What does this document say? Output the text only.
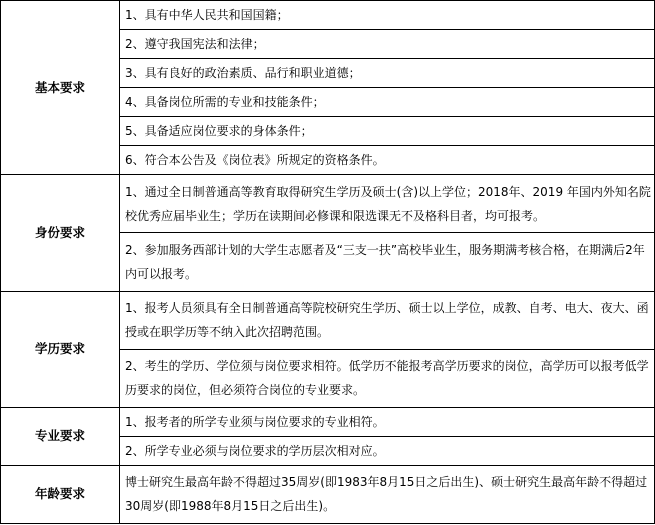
基本要求	1、具有中华人民共和国国籍；
	2、遵守我国宪法和法律；
	3、具有良好的政治素质、品行和职业道德；
	4、具备岗位所需的专业和技能条件；
	5、具备适应岗位要求的身体条件；
	6、符合本公告及《岗位表》所规定的资格条件。
身份要求	1、通过全日制普通高等教育取得研究生学历及硕士(含)以上学位；2018年、2019 年国内外知名院校优秀应届毕业生；学历在读期间必修课和限选课无不及格科目者，均可报考。
	2、参加服务西部计划的大学生志愿者及“三支一扶”高校毕业生，服务期满考核合格，在期满后2年内可以报考。
学历要求	1、报考人员须具有全日制普通高等院校研究生学历、硕士以上学位，成教、自考、电大、夜大、函授或在职学历等不纳入此次招聘范围。
	2、考生的学历、学位须与岗位要求相符。低学历不能报考高学历要求的岗位，高学历可以报考低学历要求的岗位，但必须符合岗位的专业要求。
专业要求	1、报考者的所学专业须与岗位要求的专业相符。
	2、所学专业必须与岗位要求的学历层次相对应。
年龄要求	博士研究生最高年龄不得超过35周岁(即1983年8月15日之后出生)、硕士研究生最高年龄不得超过30周岁(即1988年8月15日之后出生)。
